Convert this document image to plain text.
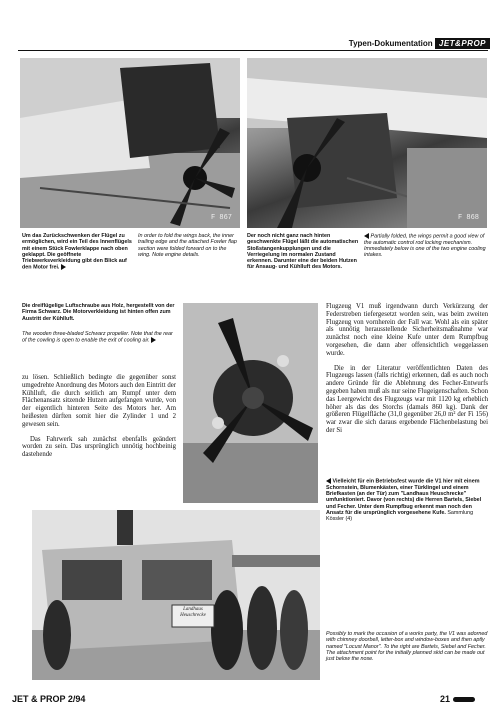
Typen-Dokumentation JET&PROP
F 867	F 868
Um das Zurückschwenken der Flügel zu ermöglichen, wird ein Teil des Innenflügels mit einem Stück Fowlerklappe nach oben geklappt. Die geöffnete Triebwerksverkleidung gibt den Blick auf den Motor frei.
In order to fold the wings back, the inner trailing edge and the attached Fowler flap section were folded forward on to the wing. Note engine details.
Der noch nicht ganz nach hinten geschwenkte Flügel läßt die automatischen Stoßstangenkupplungen und die Verriegelung im normalen Zustand erkennen. Darunter eine der beiden Hutzen für Ansaug- und Kühlluft des Motors.
Partially folded, the wings permit a good view of the automatic control rod locking mechanism. Immediately below is one of the two engine cooling intakes.
Die dreiflügelige Luftschraube aus Holz, hergestellt von der Firma Schwarz. Die Motorverkleidung ist hinten offen zum Austritt der Kühlluft.
The wooden three-bladed Schwarz propeller. Note that the rear of the cowling is open to enable the exit of cooling air.

zu lösen. Schließlich bedingte die gegenüber sonst umgedrehte Anordnung des Motors auch den Eintritt der Kühlluft, die durch seitlich am Rumpf unter dem Flächenansatz sitzende Hutzen aufgefangen wurde, von der eigentlich hinteren Seite des Motors her. Am heißesten dürften somit hier die Zylinder 1 und 2 gewesen sein.

Das Fahrwerk sah zunächst ebenfalls geändert worden zu sein. Das ursprünglich unnötig hochbeinig dastehende

Flugzeug V1 muß irgendwann durch Verkürzung der Federstreben tiefergesetzt worden sein, was beim zweiten Flugzeug von vornherein der Fall war. Wohl als ein später als unnötig herausstellende Sicherheitsmaßnahme war zunächst noch eine kleine Kufe unter dem Rumpfbug vorgesehen, die dann aber offensichtlich weggelassen wurde.

Die in der Literatur veröffentlichten Daten des Flugzeugs lassen (falls richtig) erkennen, daß es auch noch andere Gründe für die Ablehnung des Fecher-Entwurfs gegeben haben muß als nur seine Flugeigenschaften. Schon das Leergewicht des Flugzeugs war mit 1120 kg erheblich höher als das des Storchs (damals 860 kg). Dank der größeren Flügelfläche (31,0 gegenüber 26,0 m² der Fi 156) war zwar die sich daraus ergebende Flächenbelastung bei der Si

Vielleicht für ein Betriebsfest wurde die V1 hier mit einem Schornstein, Blumenkästen, einer Türklingel und einem Briefkasten (an der Tür) zum "Landhaus Heuschrecke" umfunktioniert. Davor (von rechts) die Herren Bartels, Siebel und Fecher. Unter dem Rumpfbug erkennt man noch den Ansatz für die ursprünglich vorgesehene Kufe. Sammlung Kössler (4)
Landhaus
Heuschrecke
Possibly to mark the occasion of a works party, the V1 was adorned with chimney doorbell, letter-box and window-boxes and then aptly named "Locust Manor". To the right are Bartels, Siebel and Fecher. The attachment point for the initially planned skid can be made out just below the nose.
JET & PROP 2/94	21
